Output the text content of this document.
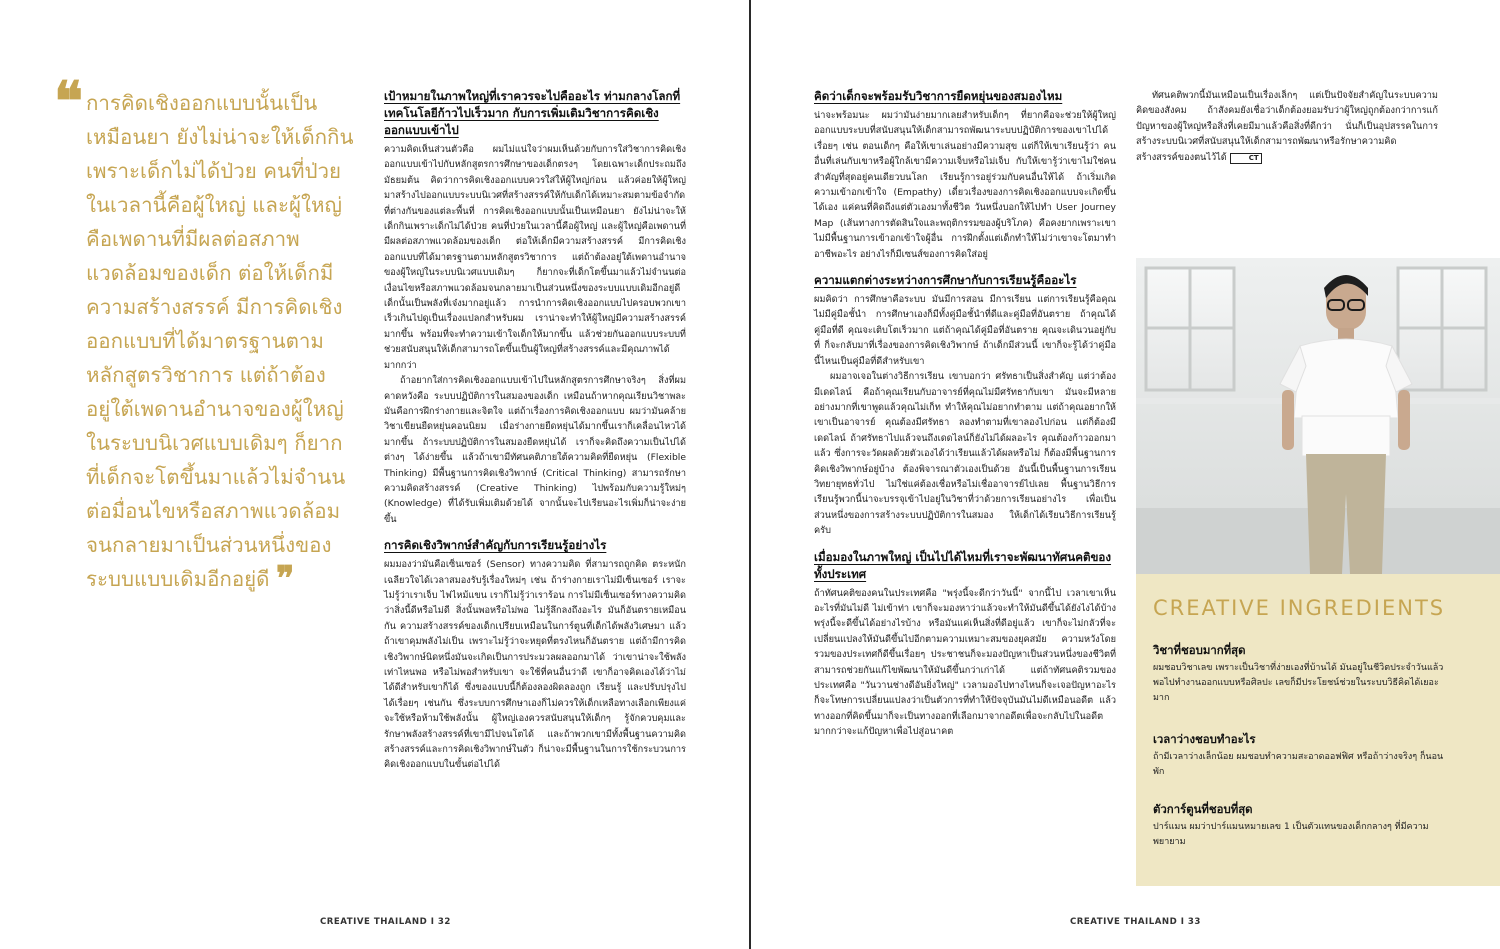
❝ การคิดเชิงออกแบบนั้นเป็น
เหมือนยา ยังไม่น่าจะให้เด็กกิน
เพราะเด็กไม่ได้ป่วย คนที่ป่วย
ในเวลานี้คือผู้ใหญ่ และผู้ใหญ่
คือเพดานที่มีผลต่อสภาพ
แวดล้อมของเด็ก ต่อให้เด็กมี
ความสร้างสรรค์ มีการคิดเชิง
ออกแบบที่ได้มาตรฐานตาม
หลักสูตรวิชาการ แต่ถ้าต้อง
อยู่ใต้เพดานอำนาจของผู้ใหญ่
ในระบบนิเวศแบบเดิมๆ ก็ยาก
ที่เด็กจะโตขึ้นมาแล้วไม่จำนน
ต่อมื่อนไขหรือสภาพแวดล้อม
จนกลายมาเป็นส่วนหนึ่งของ
ระบบแบบเดิมอีกอยู่ดี ❞
เป้าหมายในภาพใหญ่ที่เราควรจะไปคืออะไร ท่ามกลางโลกที่เทคโนโลยีก้าวไปเร็วมาก กับการเพิ่มเติมวิชาการคิดเชิงออกแบบเข้าไป

ความคิดเห็นส่วนตัวคือ ผมไม่แน่ใจว่าผมเห็นด้วยกับการใส่วิชาการคิดเชิงออกแบบเข้าไปกับหลักสูตรการศึกษาของเด็กตรงๆ โดยเฉพาะเด็กประถมถึงมัธยมต้น คิดว่าการคิดเชิงออกแบบควรใส่ให้ผู้ใหญ่ก่อน แล้วค่อยให้ผู้ใหญ่มาสร้างไปออกแบบระบบนิเวศที่สร้างสรรค์ให้กับเด็กได้เหมาะสมตามข้อจำกัดที่ต่างกันของแต่ละพื้นที่ การคิดเชิงออกแบบนั้นเป็นเหมือนยา ยังไม่น่าจะให้เด็กกินเพราะเด็กไม่ได้ป่วย คนที่ป่วยในเวลานี้คือผู้ใหญ่ และผู้ใหญ่คือเพดานที่มีผลต่อสภาพแวดล้อมของเด็ก ต่อให้เด็กมีความสร้างสรรค์ มีการคิดเชิงออกแบบที่ได้มาตรฐานตามหลักสูตรวิชาการ แต่ถ้าต้องอยู่ใต้เพดานอำนาจของผู้ใหญ่ในระบบนิเวศแบบเดิมๆ ก็ยากจะที่เด็กโตขึ้นมาแล้วไม่จำนนต่อเงื่อนไขหรือสภาพแวดล้อมจนกลายมาเป็นส่วนหนึ่งของระบบแบบเดิมอีกอยู่ดี เด็กนั้นเป็นพลังที่เจ๋งมากอยู่แล้ว การนำการคิดเชิงออกแบบไปครอบพวกเขาเร็วเกินไปดูเป็นเรื่องแปลกสำหรับผม เราน่าจะทำให้ผู้ใหญ่มีความสร้างสรรค์มากขึ้น พร้อมที่จะทำความเข้าใจเด็กให้มากขึ้น แล้วช่วยกันออกแบบระบบที่ช่วยสนับสนุนให้เด็กสามารถโตขึ้นเป็นผู้ใหญ่ที่สร้างสรรค์และมีคุณภาพได้มากกว่า

ถ้าอยากใส่การคิดเชิงออกแบบเข้าไปในหลักสูตรการศึกษาจริงๆ สิ่งที่ผมคาดหวังคือ ระบบปฏิบัติการในสมองของเด็ก เหมือนถ้าหากคุณเรียนวิชาพละ มันคือการฝึกร่างกายและจิตใจ แต่ถ้าเรื่องการคิดเชิงออกแบบ ผมว่ามันคล้ายวิชาเขียนยืดหยุ่นคอนนิยม เมื่อร่างกายยืดหยุ่นได้มากขึ้นเราก็เคลื่อนไหวได้มากขึ้น ถ้าระบบปฏิบัติการในสมองยืดหยุ่นได้ เราก็จะคิดถึงความเป็นไปได้ต่างๆ ได้ง่ายขึ้น แล้วถ้าเขามีทัศนคติภายใต้ความคิดที่ยืดหยุ่น (Flexible Thinking) มีพื้นฐานการคิดเชิงวิพากษ์ (Critical Thinking) สามารถรักษาความคิดสร้างสรรค์ (Creative Thinking) ไปพร้อมกับความรู้ใหม่ๆ (Knowledge) ที่ได้รับเพิ่มเติมด้วยได้ จากนั้นจะไปเรียนอะไรเพิ่มก็น่าจะง่ายขึ้น

การคิดเชิงวิพากษ์สำคัญกับการเรียนรู้อย่างไร

ผมมองว่ามันคือเซ็นเซอร์ (Sensor) ทางความคิด ที่สามารถถูกคิด ตระหนัก เฉลียวใจได้เวลาสมองรับรู้เรื่องใหม่ๆ เช่น ถ้าร่างกายเราไม่มีเซ็นเซอร์ เราจะไม่รู้ว่าเราเจ็บ ไฟไหม้แขน เราก็ไม่รู้ว่าเราร้อน การไม่มีเซ็นเซอร์ทางความคิดว่าสิ่งนี้ดีหรือไม่ดี สิ่งนั้นพอหรือไม่พอ ไม่รู้ลึกลงถึงอะไร มันก็อันตรายเหมือนกัน ความสร้างสรรค์ของเด็กเปรียบเหมือนในการ์ตูนที่เด็กได้พลังวิเศษมา แล้วถ้าเขาคุมพลังไม่เป็น เพราะไม่รู้ว่าจะหยุดที่ตรงไหนก็อันตราย แต่ถ้ามีการคิดเชิงวิพากษ์นิดหนึ่งมันจะเกิดเป็นการประมวลผลออกมาได้ ว่าเขาน่าจะใช้พลังเท่าไหนพอ หรือไม่พอสำหรับเขา จะใช้ที่คนอื่นว่าดี เขาก็อาจคิดเองได้ว่าไม่ได้ดีสำหรับเขาก็ได้ ซึ่งของแบบนี้ก็ต้องลองผิดลองถูก เรียนรู้ และปรับปรุงไปได้เรื่อยๆ เช่นกัน ซึ่งระบบการศึกษาเองก็ไม่ควรให้เด็กเหลือทางเลือกเพียงแค่จะใช้หรือห้ามใช้พลังนั้น ผู้ใหญ่เองควรสนับสนุนให้เด็กๆ รู้จักควบคุมและรักษาพลังสร้างสรรค์ที่เขามีไปจนโตได้ และถ้าพวกเขามีทั้งพื้นฐานความคิดสร้างสรรค์และการคิดเชิงวิพากษ์ในตัว ก็น่าจะมีพื้นฐานในการใช้กระบวนการคิดเชิงออกแบบในขั้นต่อไปได้

CREATIVE THAILAND I 32
คิดว่าเด็กจะพร้อมรับวิชาการยืดหยุ่นของสมองไหม

น่าจะพร้อมนะ ผมว่ามันง่ายมากเลยสำหรับเด็กๆ ที่ยากคือจะช่วยให้ผู้ใหญ่ออกแบบระบบที่สนับสนุนให้เด็กสามารถพัฒนาระบบปฏิบัติการของเขาไปได้เรื่อยๆ เช่น ตอนเด็กๆ คือให้เขาเล่นอย่างมีความสุข แต่ก็ให้เขาเรียนรู้ว่า คนอื่นที่เล่นกับเขาหรือผู้ใกล้เขามีความเจ็บหรือไม่เจ็บ กับให้เขารู้ว่าเขาไม่ใช่คนสำคัญที่สุดอยู่คนเดียวบนโลก เรียนรู้การอยู่ร่วมกับคนอื่นให้ได้ ถ้าเริ่มเกิดความเข้าอกเข้าใจ (Empathy) เดี๋ยวเรื่องของการคิดเชิงออกแบบจะเกิดขึ้นได้เอง แค่คนที่คิดถึงแต่ตัวเองมาทั้งชีวิต วันหนึ่งบอกให้ไปทำ User Journey Map (เส้นทางการตัดสินใจและพฤติกรรมของผู้บริโภค) คือคงยากเพราะเขาไม่มีพื้นฐานการเข้าอกเข้าใจผู้อื่น การฝึกตั้งแต่เด็กทำให้ไม่ว่าเขาจะโตมาทำอาชีพอะไร อย่างไรก็มีเซนส์ของการคิดใส่อยู่

ความแตกต่างระหว่างการศึกษากับการเรียนรู้คืออะไร

ผมคิดว่า การศึกษาคือระบบ มันมีการสอน มีการเรียน แต่การเรียนรู้คือคุณไม่มีคู่มือชั้นำ การศึกษาเองก็มีทั้งคู่มือชั้นำที่ดีและคู่มือที่อันตราย ถ้าคุณได้คู่มือที่ดี คุณจะเติบโตเร็วมาก แต่ถ้าคุณได้คู่มือที่อันตราย คุณจะเดินวนอยู่กับที่ ก็จะกลับมาที่เรื่องของการคิดเชิงวิพากษ์ ถ้าเด็กมีส่วนนี้ เขาก็จะรู้ได้ว่าคู่มือนี้ไหนเป็นคู่มือที่ดีสำหรับเขา

ผมอาจเจอในต่างวิธีการเรียน เขาบอกว่า ศรัทธาเป็นสิ่งสำคัญ แต่ว่าต้องมีเดดไลน์ คือถ้าคุณเรียนกับอาจารย์ที่คุณไม่มีศรัทธากับเขา มันจะมีหลายอย่างมากที่เขาพูดแล้วคุณไม่เก็ท ทำให้คุณไม่อยากทำตาม แต่ถ้าคุณอยากให้เขาเป็นอาจารย์ คุณต้องมีศรัทธา ลองทำตามที่เขาลองไปก่อน แต่ก็ต้องมีเดดไลน์ ถ้าศรัทธาไปแล้วจนถึงเดดไลน์ก็ยังไม่ได้ผลอะไร คุณต้องก้าวออกมาแล้ว ซึ่งการจะวัดผลด้วยตัวเองได้ว่าเรียนแล้วได้ผลหรือไม่ ก็ต้องมีพื้นฐานการคิดเชิงวิพากษ์อยู่บ้าง ต้องพิจารณาตัวเองเป็นด้วย อันนี้เป็นพื้นฐานการเรียนวิทยายุทธทั่วไป ไม่ใช่แค่ต้องเชื่อหรือไม่เชื่ออาจารย์ไปเลย พื้นฐานวิธีการเรียนรู้พวกนี้น่าจะบรรจุเข้าไปอยู่ในวิชาที่ว่าด้วยการเรียนอย่างไร เพื่อเป็นส่วนหนึ่งของการสร้างระบบปฏิบัติการในสมอง ให้เด็กได้เรียนวิธีการเรียนรู้ครับ

เมื่อมองในภาพใหญ่ เป็นไปได้ไหมที่เราจะพัฒนาทัศนคติของทั้งประเทศ

ถ้าทัศนคติของคนในประเทศคือ "พรุ่งนี้จะดีกว่าวันนี้" จากนี้ไป เวลาเขาเห็นอะไรที่มันไม่ดี ไม่เข้าท่า เขาก็จะมองหาว่าแล้วจะทำให้มันดีขึ้นได้ยังไงได้บ้าง พรุ่งนี้จะดีขึ้นได้อย่างไรบ้าง หรือมันแค่เห็นสิ่งที่ดีอยู่แล้ว เขาก็จะไม่กลัวที่จะเปลี่ยนแปลงให้มันดีขึ้นไปอีกตามความเหมาะสมของยุคสมัย ความหวังโดยรวมของประเทศก็ดีขึ้นเรื่อยๆ ประชาชนก็จะมองปัญหาเป็นส่วนหนึ่งของชีวิตที่สามารถช่วยกันแก้ไขพัฒนาให้มันดีขึ้นกว่าเก่าได้ แต่ถ้าทัศนคติรวมของประเทศคือ "วันวานช่างดีอันยิ่งใหญ่" เวลามองไปทางไหนก็จะเจอปัญหาอะไรก็จะโทษการเปลี่ยนแปลงว่าเป็นตัวการที่ทำให้ปัจจุบันมันไม่ดีเหมือนอดีต แล้วทางออกที่คิดขึ้นมาก็จะเป็นทางออกที่เลือกมาจากอดีตเพื่อจะกลับไปในอดีตมากกว่าจะแก้ปัญหาเพื่อไปสู่อนาคต

ทัศนคติพวกนี้มันเหมือนเป็นเรื่องเล็กๆ แต่เป็นปัจจัยสำคัญในระบบความคิดของสังคม ถ้าสังคมยังเชื่อว่าเด็กต้องยอมรับว่าผู้ใหญ่ถูกต้องกว่าการแก้ปัญหาของผู้ใหญ่หรือสิ่งที่เคยมีมาแล้วคือสิ่งที่ดีกว่า นั่นก็เป็นอุปสรรคในการสร้างระบบนิเวศที่สนับสนุนให้เด็กสามารถพัฒนาหรือรักษาความคิดสร้างสรรค์ของตนไว้ได้	CT

CREATIVE INGREDIENTS
วิชาที่ชอบมากที่สุด
ผมชอบวิชาเลข เพราะเป็นวิชาที่ง่ายเองที่บ้านได้ มันอยู่ในชีวิตประจำวันแล้วพอไปทำงานออกแบบหรือศิลปะ เลขก็มีประโยชน์ช่วยในระบบวิธีคิดได้เยอะมาก
เวลาว่างชอบทำอะไร
ถ้ามีเวลาว่างเล็กน้อย ผมชอบทำความสะอาดออฟฟิศ หรือถ้าว่างจริงๆ ก็นอนพัก
ตัวการ์ตูนที่ชอบที่สุด
ปาร์แมน ผมว่าปาร์แมนหมายเลข 1 เป็นตัวแทนของเด็กกลางๆ ที่มีความพยายาม
CREATIVE THAILAND I 33
